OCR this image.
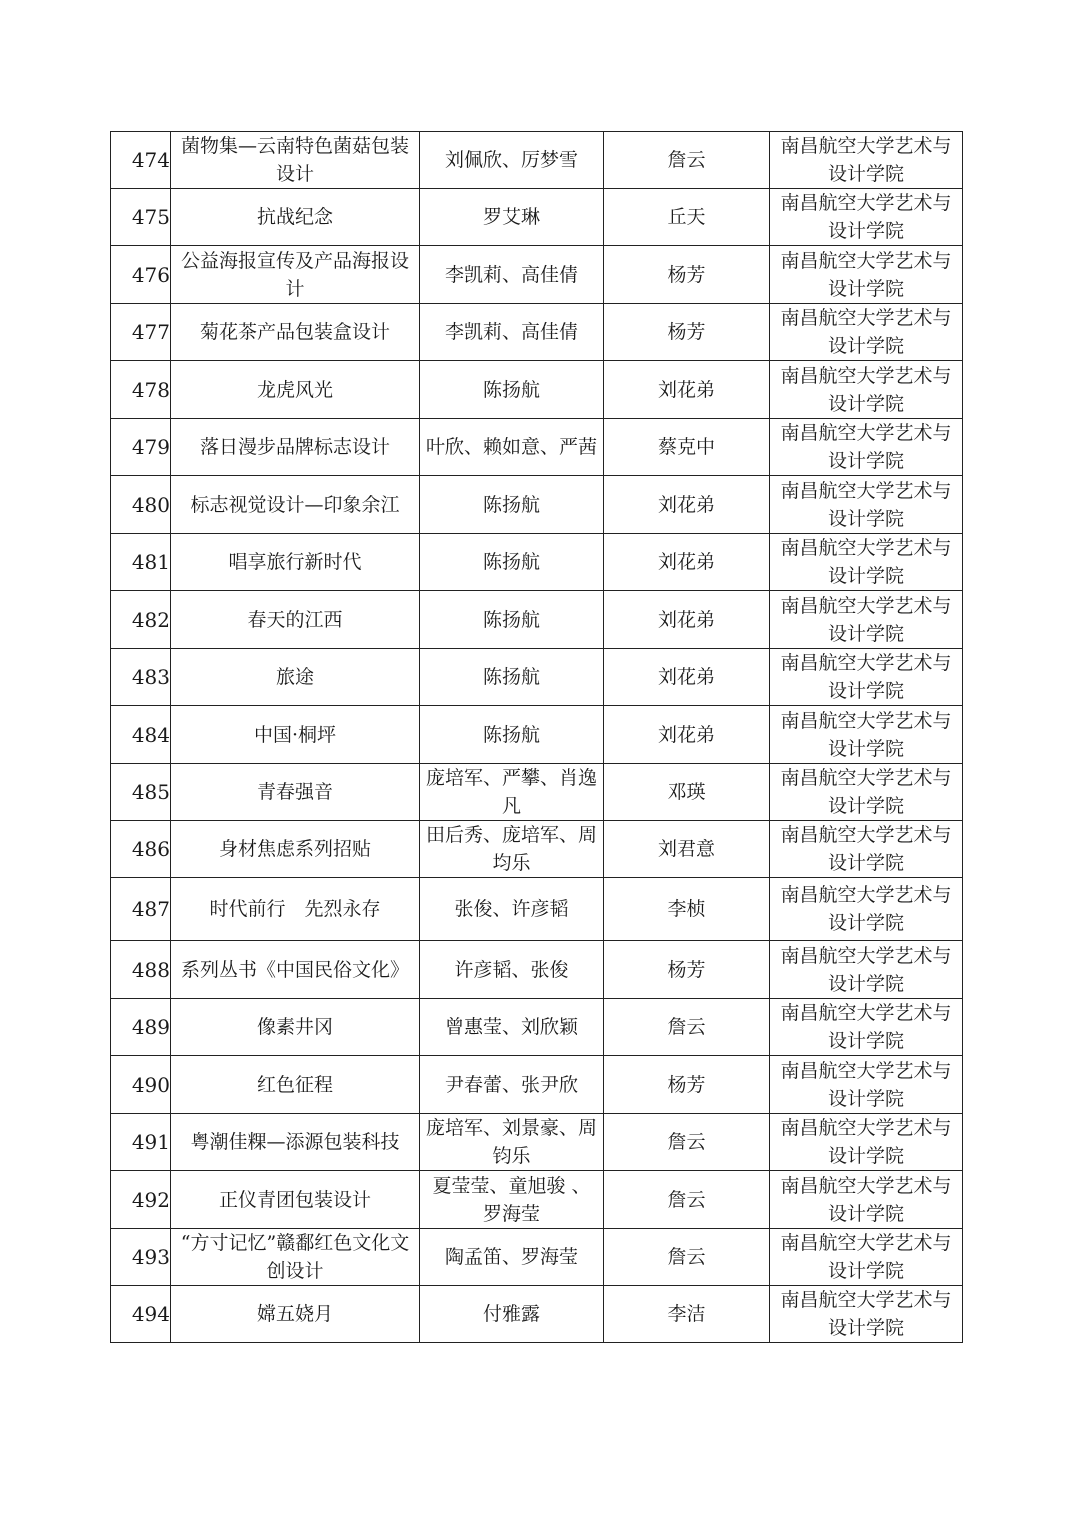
474	菌物集—云南特色菌菇包装设计	刘佩欣、厉梦雪	詹云	南昌航空大学艺术与设计学院
475	抗战纪念	罗艾琳	丘天	南昌航空大学艺术与设计学院
476	公益海报宣传及产品海报设计	李凯莉、高佳倩	杨芳	南昌航空大学艺术与设计学院
477	菊花茶产品包装盒设计	李凯莉、高佳倩	杨芳	南昌航空大学艺术与设计学院
478	龙虎风光	陈扬航	刘花弟	南昌航空大学艺术与设计学院
479	落日漫步品牌标志设计	叶欣、赖如意、严茜	蔡克中	南昌航空大学艺术与设计学院
480	标志视觉设计—印象余江	陈扬航	刘花弟	南昌航空大学艺术与设计学院
481	唱享旅行新时代	陈扬航	刘花弟	南昌航空大学艺术与设计学院
482	春天的江西	陈扬航	刘花弟	南昌航空大学艺术与设计学院
483	旅途	陈扬航	刘花弟	南昌航空大学艺术与设计学院
484	中国·桐坪	陈扬航	刘花弟	南昌航空大学艺术与设计学院
485	青春强音	庞培军、严攀、肖逸凡	邓瑛	南昌航空大学艺术与设计学院
486	身材焦虑系列招贴	田后秀、庞培军、周均乐	刘君意	南昌航空大学艺术与设计学院
487	时代前行　先烈永存	张俊、许彦韬	李桢	南昌航空大学艺术与设计学院
488	系列丛书《中国民俗文化》	许彦韬、张俊	杨芳	南昌航空大学艺术与设计学院
489	像素井冈	曾惠莹、刘欣颖	詹云	南昌航空大学艺术与设计学院
490	红色征程	尹春蕾、张尹欣	杨芳	南昌航空大学艺术与设计学院
491	粤潮佳粿—添源包装科技	庞培军、刘景豪、周钧乐	詹云	南昌航空大学艺术与设计学院
492	正仪青团包装设计	夏莹莹、童旭骏 、罗海莹	詹云	南昌航空大学艺术与设计学院
493	“方寸记忆”赣鄱红色文化文创设计	陶孟笛、罗海莹	詹云	南昌航空大学艺术与设计学院
494	嫦五娆月	付雅露	李洁	南昌航空大学艺术与设计学院
